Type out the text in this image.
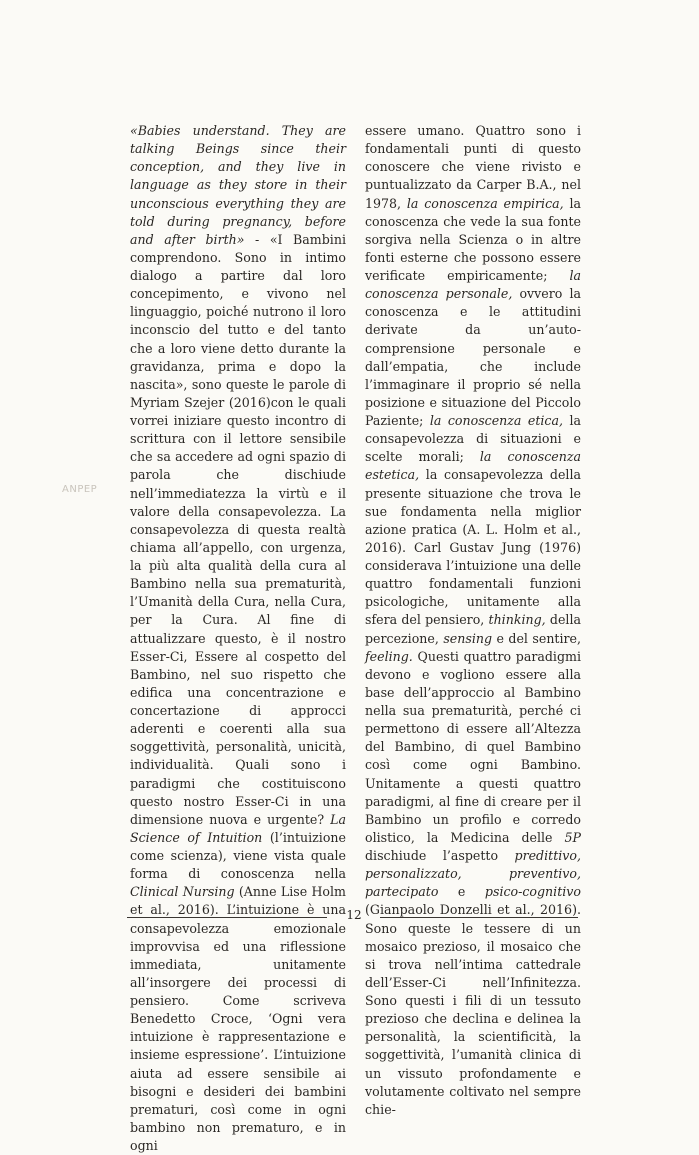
«Babies understand. They are talking Beings since their conception, and they live in language as they store in their unconscious everything they are told during pregnancy, before and after birth» - «I Bambini comprendono. Sono in intimo dialogo a partire dal loro concepimento, e vivono nel linguaggio, poiché nutrono il loro inconscio del tutto e del tanto che a loro viene detto durante la gravidanza, prima e dopo la nascita», sono queste le parole di Myriam Szejer (2016)con le quali vorrei iniziare questo incontro di scrittura con il lettore sensibile che sa accedere ad ogni spazio di parola che dischiude nell’immediatezza la virtù e il valore della consapevolezza. La consapevolezza di questa realtà chiama all’appello, con urgenza, la più alta qualità della cura al Bambino nella sua prematurità, l’Umanità della Cura, nella Cura, per la Cura. Al fine di attualizzare questo, è il nostro Esser-Ci, Essere al cospetto del Bambino, nel suo rispetto che edifica una concentrazione e concertazione di approcci aderenti e coerenti alla sua soggettività, personalità, unicità, individualità. Quali sono i paradigmi che costituiscono questo nostro Esser-Ci in una dimensione nuova e urgente? La Science of Intuition (l’intuizione come scienza), viene vista quale forma di conoscenza nella Clinical Nursing (Anne Lise Holm et al., 2016). L’intuizione è una consapevolezza emozionale improvvisa ed una riflessione immediata, unitamente all’insorgere dei processi di pensiero. Come scriveva Benedetto Croce, ‘Ogni vera intuizione è rappresentazione e insieme espressione’. L’intuizione aiuta ad essere sensibile ai bisogni e desideri dei bambini prematuri, così come in ogni bambino non prematuro, e in ogni

essere umano. Quattro sono i fondamentali punti di questo conoscere che viene rivisto e puntualizzato da Carper B.A., nel 1978, la conoscenza empirica, la conoscenza che vede la sua fonte sorgiva nella Scienza o in altre fonti esterne che possono essere verificate empiricamente; la conoscenza personale, ovvero la conoscenza e le attitudini derivate da un’auto-comprensione personale e dall’empatia, che include l’immaginare il proprio sé nella posizione e situazione del Piccolo Paziente; la conoscenza etica, la consapevolezza di situazioni e scelte morali; la conoscenza estetica, la consapevolezza della presente situazione che trova le sue fondamenta nella miglior azione pratica (A. L. Holm et al., 2016). Carl Gustav Jung (1976) considerava l’intuizione una delle quattro fondamentali funzioni psicologiche, unitamente alla sfera del pensiero, thinking, della percezione, sensing e del sentire, feeling. Questi quattro paradigmi devono e vogliono essere alla base dell’approccio al Bambino nella sua prematurità, perché ci permettono di essere all’Altezza del Bambino, di quel Bambino così come ogni Bambino. Unitamente a questi quattro paradigmi, al fine di creare per il Bambino un profilo e corredo olistico, la Medicina delle 5P dischiude l’aspetto predittivo, personalizzato, preventivo, partecipato e psico-cognitivo (Gianpaolo Donzelli et al., 2016). Sono queste le tessere di un mosaico prezioso, il mosaico che si trova nell’intima cattedrale dell’Esser-Ci nell’Infinitezza. Sono questi i fili di un tessuto prezioso che declina e delinea la personalità, la scientificità, la soggettività, l’umanità clinica di un vissuto profondamente e volutamente coltivato nel sempre chie-

ANPEP
12
